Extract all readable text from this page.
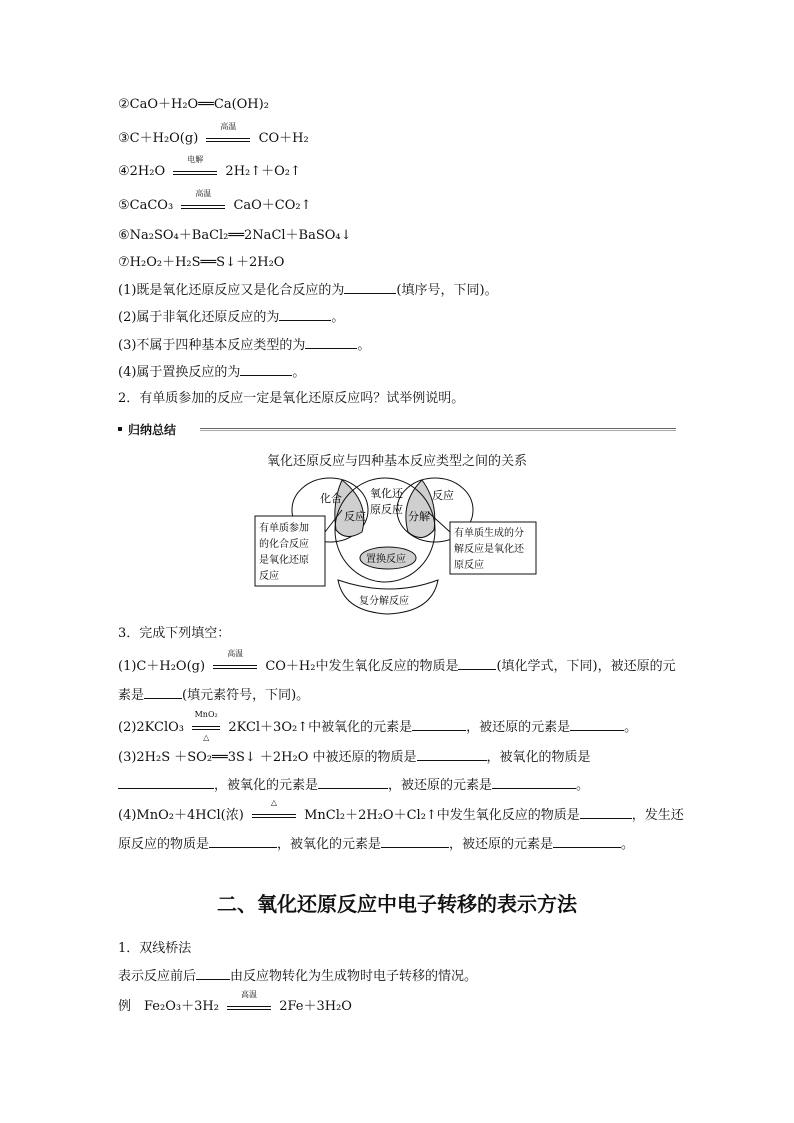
②CaO＋H₂O══Ca(OH)₂
③C＋H₂O(g)
高温
CO＋H₂
④2H₂O
电解
2H₂↑＋O₂↑
⑤CaCO₃
高温
CaO＋CO₂↑
⑥Na₂SO₄＋BaCl₂══2NaCl＋BaSO₄↓
⑦H₂O₂＋H₂S══S↓＋2H₂O
(1)既是氧化还原反应又是化合反应的为	(填序号，下同)。
(2)属于非氧化还原反应的为	。
(3)不属于四种基本反应类型的为	。
(4)属于置换反应的为	。
2．有单质参加的反应一定是氧化还原反应吗？试举例说明。
归纳总结
氧化还原反应与四种基本反应类型之间的关系
化合	氧化还
原反应
反应
反应	分解
置换反应
复分解反应
有单质参加
的化合反应
是氧化还原
反应
有单质生成的分
解反应是氧化还
原反应
3．完成下列填空：
(1)C＋H₂O(g)
高温
CO＋H₂中发生氧化反应的物质是	(填化学式，下同)，被还原的元
素是	(填元素符号，下同)。
(2)2KClO₃
MnO₂
△
2KCl＋3O₂↑中被氧化的元素是	，被还原的元素是	。
(3)2H₂S ＋SO₂══3S↓ ＋2H₂O 中被还原的物质是	，被氧化的物质是
，被氧化的元素是	，被还原的元素是	。
(4)MnO₂＋4HCl(浓)
△
MnCl₂＋2H₂O＋Cl₂↑中发生氧化反应的物质是	，发生还
原反应的物质是	，被氧化的元素是	，被还原的元素是	。
二、氧化还原反应中电子转移的表示方法
1．双线桥法
表示反应前后	由反应物转化为生成物时电子转移的情况。
例　Fe₂O₃＋3H₂
高温
2Fe＋3H₂O
